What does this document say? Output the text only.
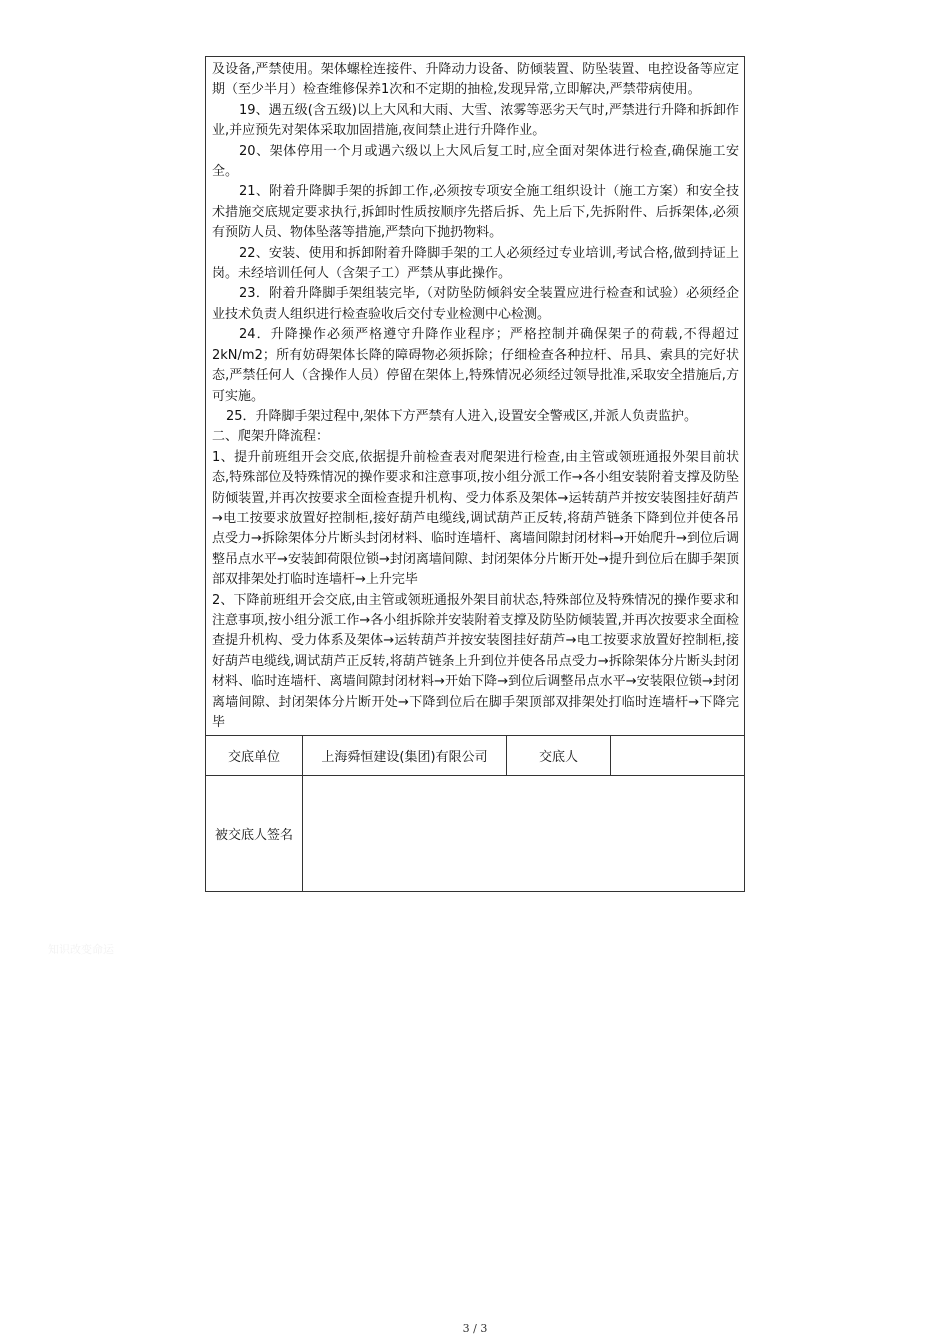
及设备,严禁使用。架体螺栓连接件、升降动力设备、防倾装置、防坠装置、电控设备等应定期（至少半月）检查维修保养1次和不定期的抽检,发现异常,立即解决,严禁带病使用。

19、遇五级(含五级)以上大风和大雨、大雪、浓雾等恶劣天气时,严禁进行升降和拆卸作业,并应预先对架体采取加固措施,夜间禁止进行升降作业。

20、架体停用一个月或遇六级以上大风后复工时,应全面对架体进行检查,确保施工安全。

21、附着升降脚手架的拆卸工作,必须按专项安全施工组织设计（施工方案）和安全技术措施交底规定要求执行,拆卸时性质按顺序先搭后拆、先上后下,先拆附件、后拆架体,必须有预防人员、物体坠落等措施,严禁向下抛扔物料。

22、安装、使用和拆卸附着升降脚手架的工人必须经过专业培训,考试合格,做到持证上岗。未经培训任何人（含架子工）严禁从事此操作。

23．附着升降脚手架组装完毕,（对防坠防倾斜安全装置应进行检查和试验）必须经企业技术负责人组织进行检查验收后交付专业检测中心检测。

24．升降操作必须严格遵守升降作业程序；严格控制并确保架子的荷载,不得超过2kN/m2；所有妨碍架体长降的障碍物必须拆除；仔细检查各种拉杆、吊具、索具的完好状态,严禁任何人（含操作人员）停留在架体上,特殊情况必须经过领导批准,采取安全措施后,方可实施。

25．升降脚手架过程中,架体下方严禁有人进入,设置安全警戒区,并派人负责监护。

二、爬架升降流程：

1、提升前班组开会交底,依据提升前检查表对爬架进行检查,由主管或领班通报外架目前状态,特殊部位及特殊情况的操作要求和注意事项,按小组分派工作→各小组安装附着支撑及防坠防倾装置,并再次按要求全面检查提升机构、受力体系及架体→运转葫芦并按安装图挂好葫芦→电工按要求放置好控制柜,接好葫芦电缆线,调试葫芦正反转,将葫芦链条下降到位并使各吊点受力→拆除架体分片断头封闭材料、临时连墙杆、离墙间隙封闭材料→开始爬升→到位后调整吊点水平→安装卸荷限位锁→封闭离墙间隙、封闭架体分片断开处→提升到位后在脚手架顶部双排架处打临时连墙杆→上升完毕

2、下降前班组开会交底,由主管或领班通报外架目前状态,特殊部位及特殊情况的操作要求和注意事项,按小组分派工作→各小组拆除并安装附着支撑及防坠防倾装置,并再次按要求全面检查提升机构、受力体系及架体→运转葫芦并按安装图挂好葫芦→电工按要求放置好控制柜,接好葫芦电缆线,调试葫芦正反转,将葫芦链条上升到位并使各吊点受力→拆除架体分片断头封闭材料、临时连墙杆、离墙间隙封闭材料→开始下降→到位后调整吊点水平→安装限位锁→封闭离墙间隙、封闭架体分片断开处→下降到位后在脚手架顶部双排架处打临时连墙杆→下降完毕

交底单位	上海舜恒建设(集团)有限公司	交底人
被交底人签名
知识改变命运
3 / 3
